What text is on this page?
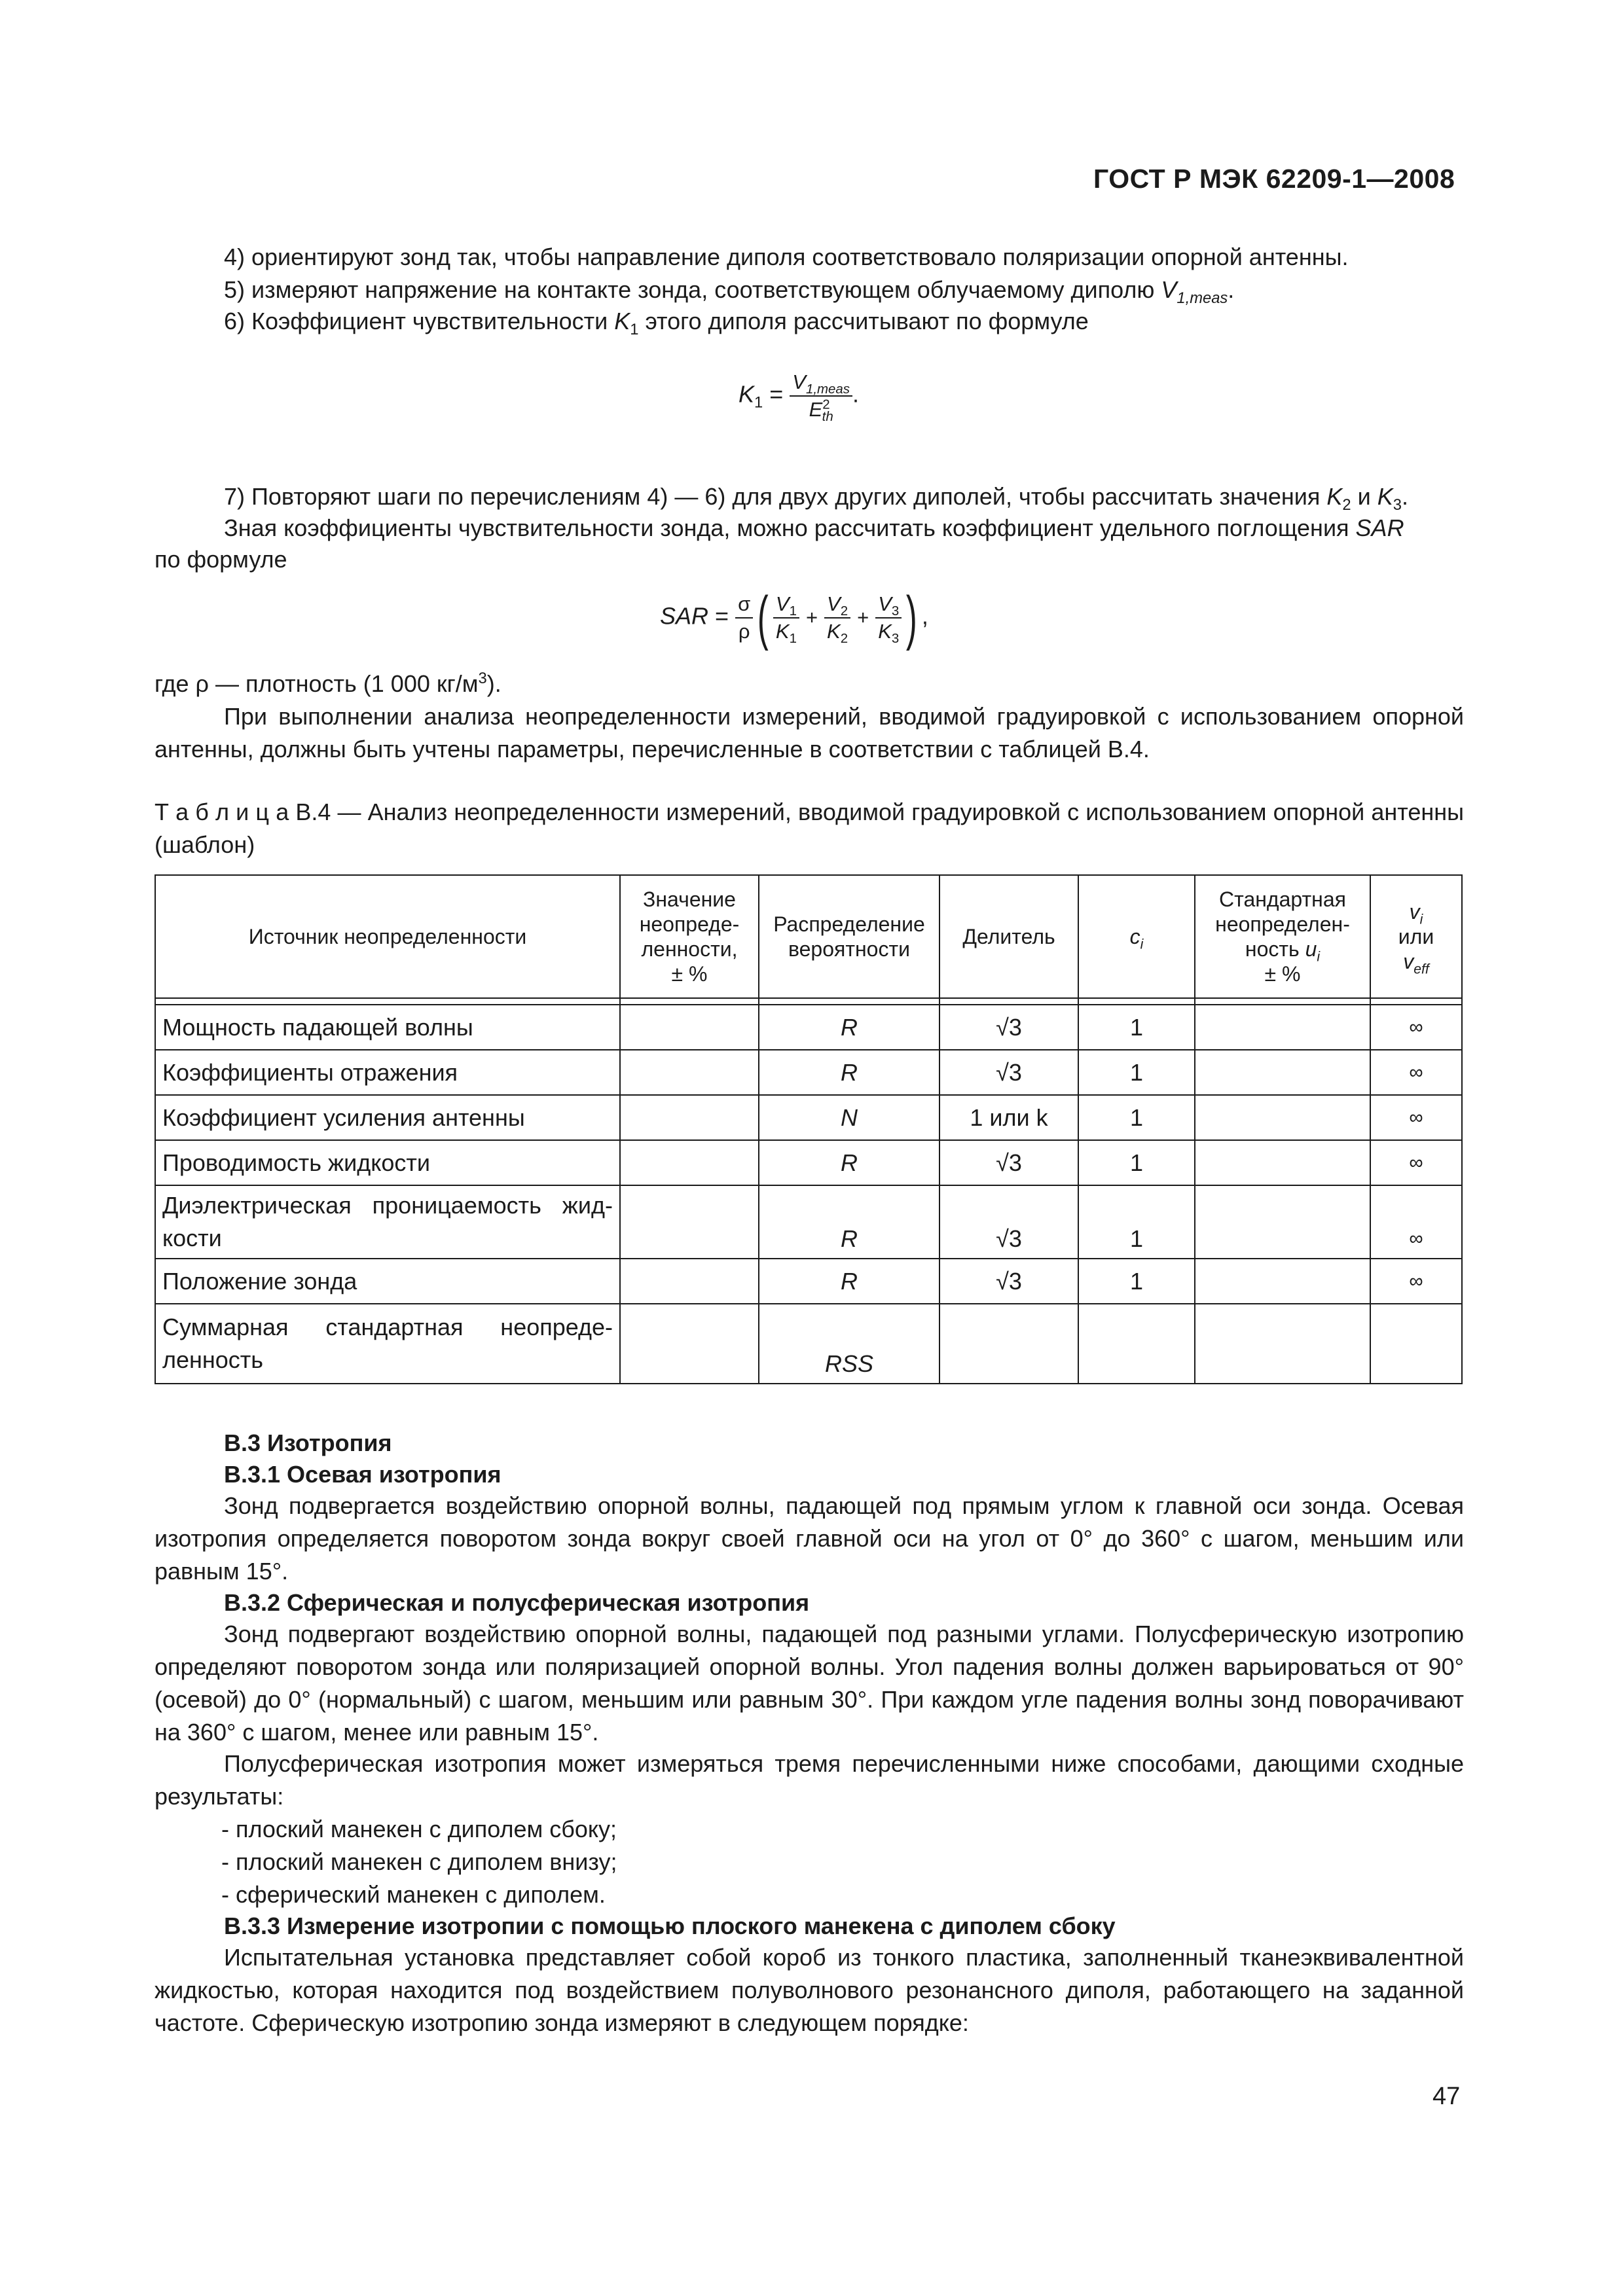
ГОСТ Р МЭК 62209-1—2008
4) ориентируют зонд так, чтобы направление диполя соответствовало поляризации опорной антенны.
5) измеряют напряжение на контакте зонда, соответствующем облучаемому диполю $V_{1,meas}$.
6) Коэффициент чувствительности $K_1$ этого диполя рассчитывают по формуле
$K_1 = \frac{V_{1,meas}}{E^2_{th}}$ .
7) Повторяют шаги по перечислениям 4) — 6) для двух других диполей, чтобы рассчитать значения $K_2$ и $K_3$.
Зная коэффициенты чувствительности зонда, можно рассчитать коэффициент удельного поглощения SAR
по формуле
SAR = $\frac{\sigma}{\rho}$ ( $\frac{V_1}{K_1} + \frac{V_2}{K_2} + \frac{V_3}{K_3}$ ) ,
где ρ — плотность (1 000 $кг/м^3$).
При выполнении анализа неопределенности измерений, вводимой градуировкой с использованием опорной антенны, должны быть учтены параметры, перечисленные в соответствии с таблицей В.4.
Т а б л и ц а В.4 — Анализ неопределенности измерений, вводимой градуировкой с использованием опорной антенны (шаблон)
Источник неопределенности	Значение
неопреде-
ленности,
± %	Распределение
вероятности	Делитель	$c_i$	Стандартная
неопределен-
ность $u_i$
± %	$v_i$
или
$v_{eff}$

Мощность падающей волны		R	√3	1		∞
Коэффициенты отражения		R	√3	1		∞
Коэффициент усиления антенны		N	1 или k	1		∞
Проводимость жидкости		R	√3	1		∞

Диэлектрическая проницаемость жид-
кости		R	√3	1		∞
Положение зонда		R	√3	1		∞

Суммарная стандартная неопреде-
ленность		RSS				
В.3 Изотропия
В.3.1 Осевая изотропия
Зонд подвергается воздействию опорной волны, падающей под прямым углом к главной оси зонда. Осевая изотропия определяется поворотом зонда вокруг своей главной оси на угол от 0° до 360° с шагом, меньшим или равным 15°.
В.3.2 Сферическая и полусферическая изотропия
Зонд подвергают воздействию опорной волны, падающей под разными углами. Полусферическую изотропию определяют поворотом зонда или поляризацией опорной волны. Угол падения волны должен варьироваться от 90° (осевой) до 0° (нормальный) с шагом, меньшим или равным 30°. При каждом угле падения волны зонд поворачивают на 360° с шагом, менее или равным 15°.
Полусферическая изотропия может измеряться тремя перечисленными ниже способами, дающими сходные результаты:
- плоский манекен с диполем сбоку;
- плоский манекен с диполем внизу;
- сферический манекен с диполем.
В.3.3 Измерение изотропии с помощью плоского манекена с диполем сбоку
Испытательная установка представляет собой короб из тонкого пластика, заполненный тканеэквивалентной жидкостью, которая находится под воздействием полуволнового резонансного диполя, работающего на заданной частоте. Сферическую изотропию зонда измеряют в следующем порядке:
47
